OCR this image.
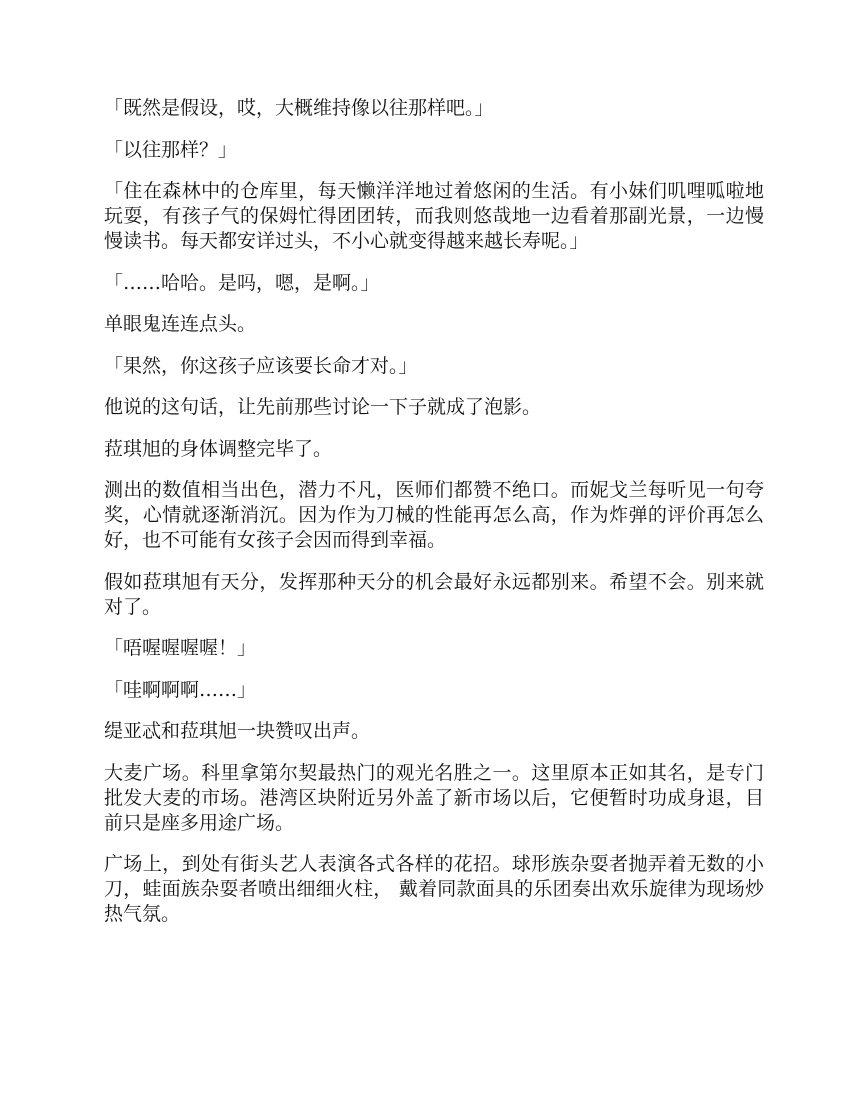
「既然是假设，哎，大概维持像以往那样吧。」

「以往那样？」

「住在森林中的仓库里，每天懒洋洋地过着悠闲的生活。有小妹们叽哩呱啦地玩耍，有孩子气的保姆忙得团团转，而我则悠哉地一边看着那副光景，一边慢慢读书。每天都安详过头，不小心就变得越来越长寿呢。」

「……哈哈。是吗，嗯，是啊。」

单眼鬼连连点头。

「果然，你这孩子应该要长命才对。」

他说的这句话，让先前那些讨论一下子就成了泡影。

菈琪旭的身体调整完毕了。

测出的数值相当出色，潜力不凡，医师们都赞不绝口。而妮戈兰每听见一句夸奖，心情就逐渐消沉。因为作为刀械的性能再怎么高，作为炸弹的评价再怎么好，也不可能有女孩子会因而得到幸福。

假如菈琪旭有天分，发挥那种天分的机会最好永远都别来。希望不会。别来就对了。

「唔喔喔喔喔！」

「哇啊啊啊……」

缇亚忒和菈琪旭一块赞叹出声。

大麦广场。科里拿第尔契最热门的观光名胜之一。这里原本正如其名，是专门批发大麦的市场。港湾区块附近另外盖了新市场以后，它便暂时功成身退，目前只是座多用途广场。

广场上，到处有街头艺人表演各式各样的花招。球形族杂耍者抛弄着无数的小刀，蛙面族杂耍者喷出细细火柱， 戴着同款面具的乐团奏出欢乐旋律为现场炒热气氛。
